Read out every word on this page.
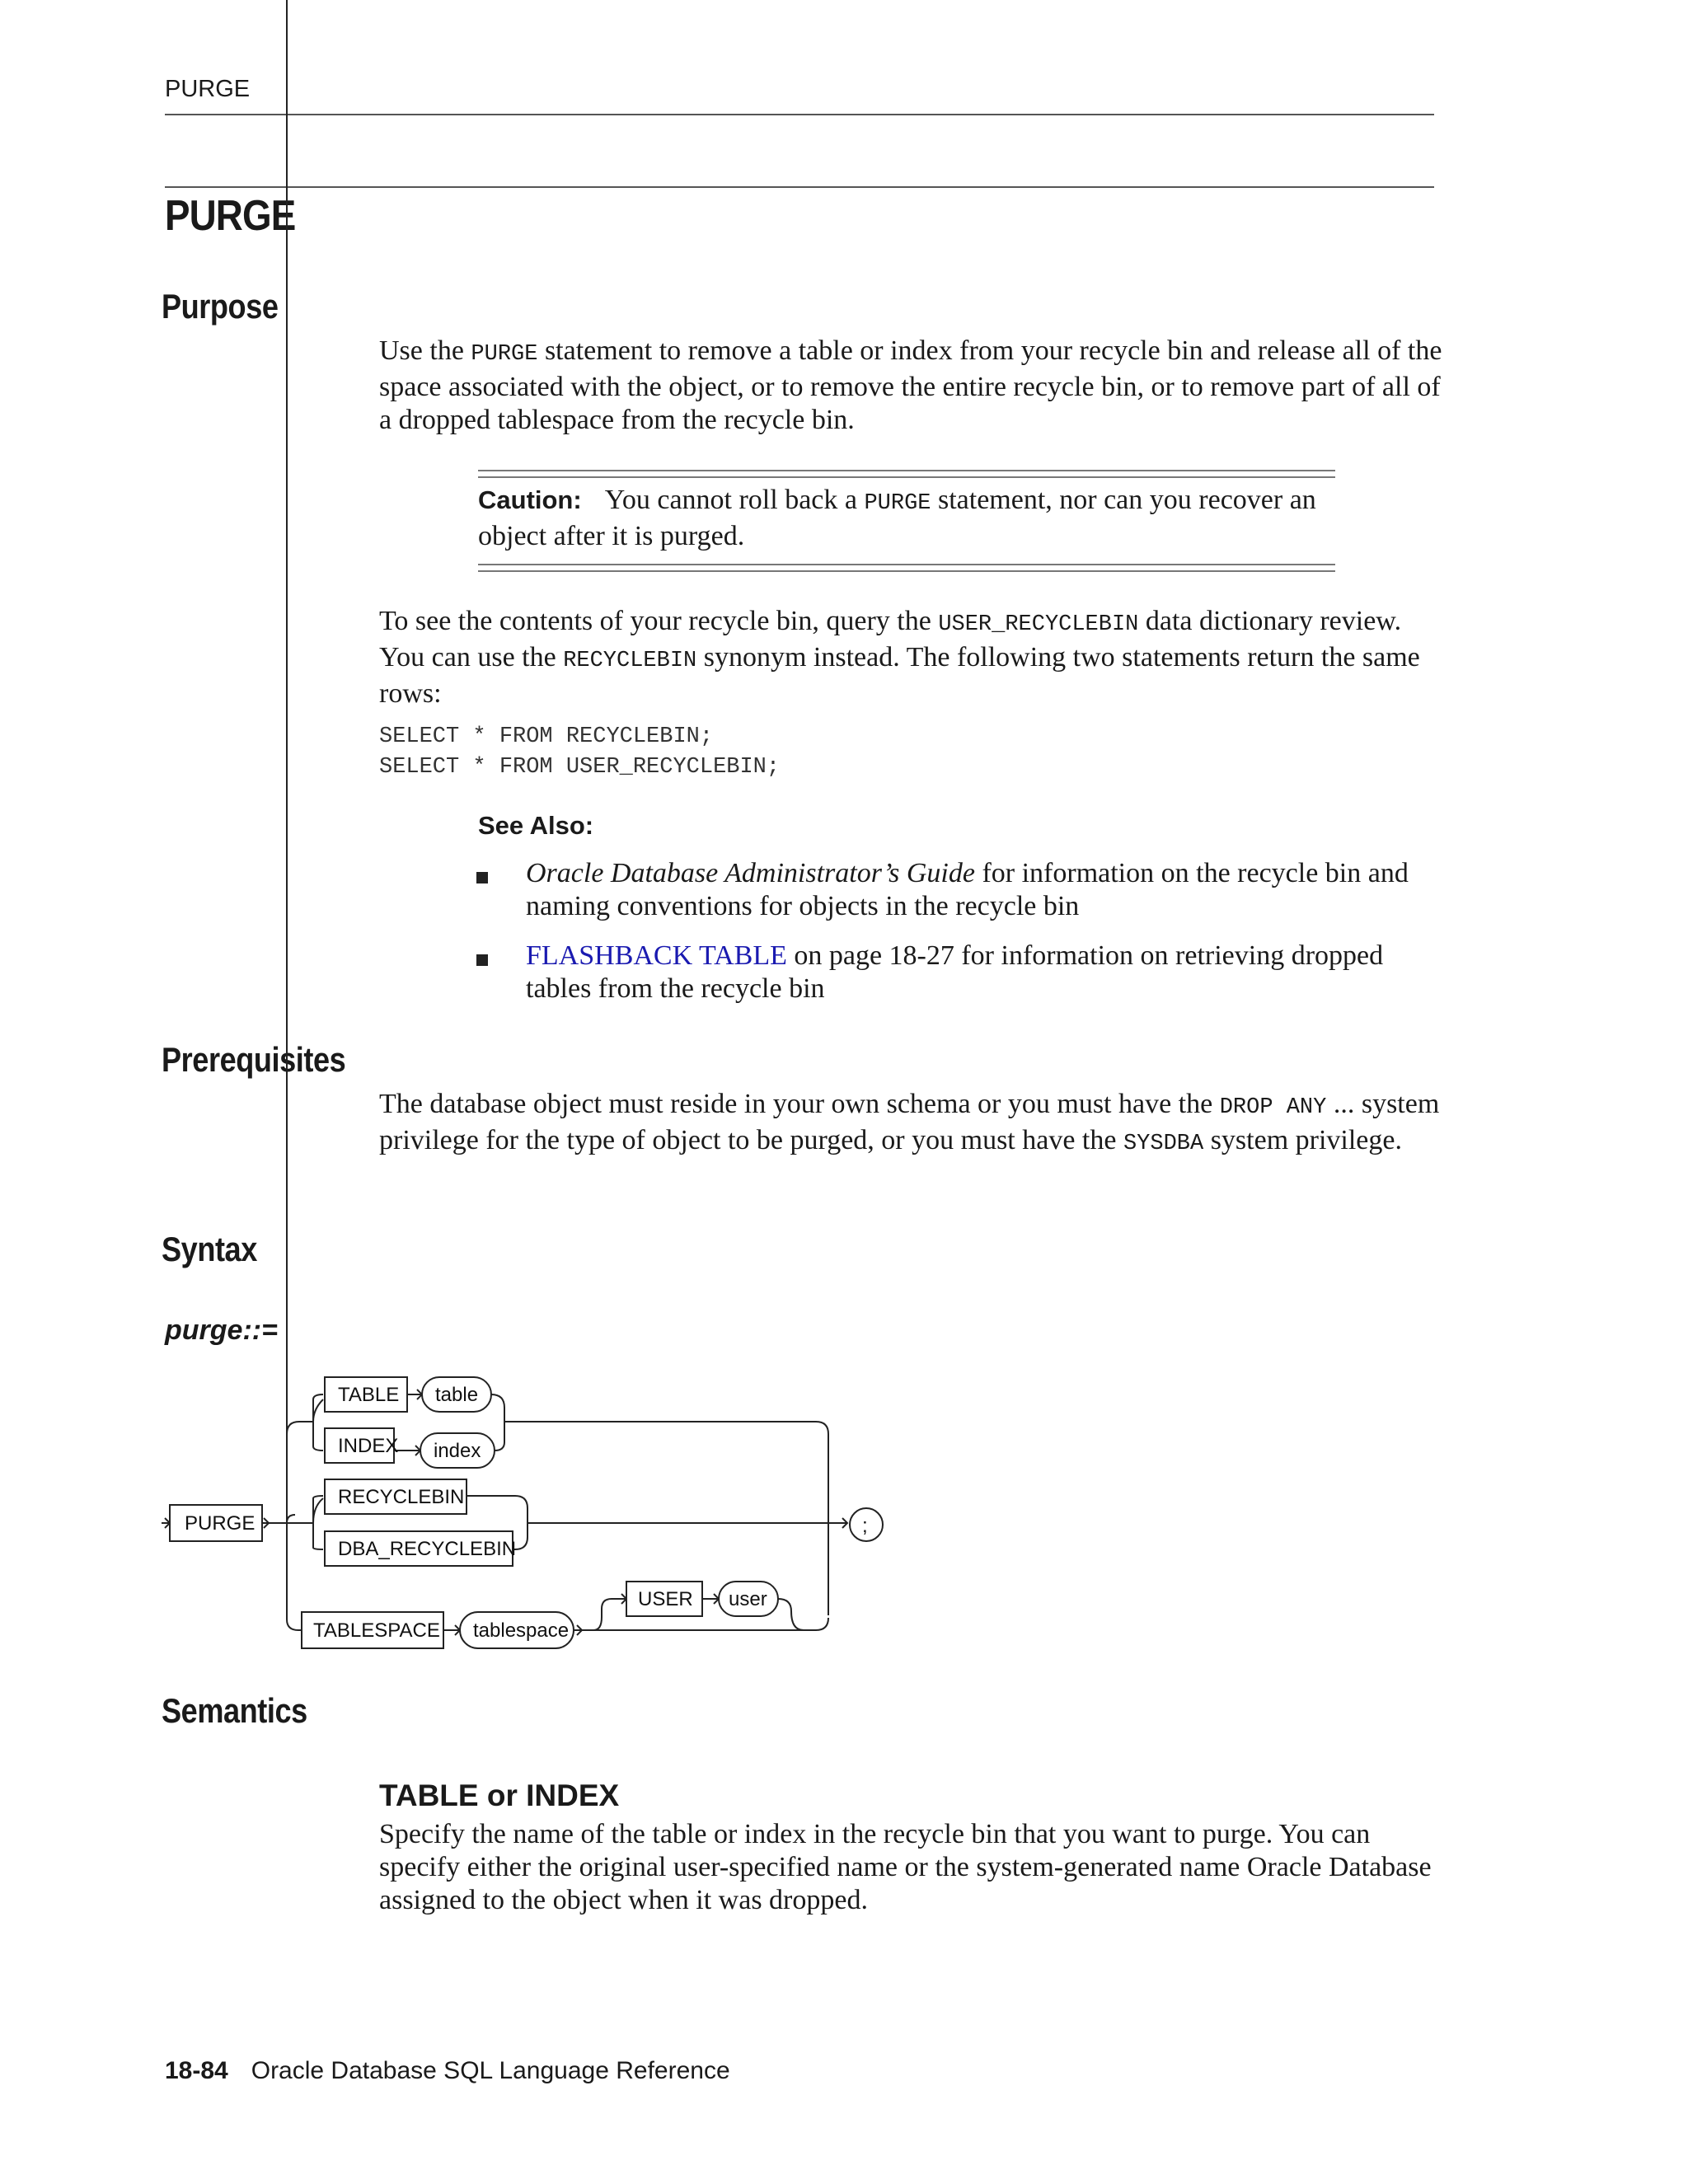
PURGE
PURGE
Purpose
Use the PURGE statement to remove a table or index from your recycle bin and release all of the space associated with the object, or to remove the entire recycle bin, or to remove part of all of a dropped tablespace from the recycle bin.
Caution: You cannot roll back a PURGE statement, nor can you recover an object after it is purged.
To see the contents of your recycle bin, query the USER_RECYCLEBIN data dictionary review. You can use the RECYCLEBIN synonym instead. The following two statements return the same rows:
SELECT * FROM RECYCLEBIN;
SELECT * FROM USER_RECYCLEBIN;
See Also:
Oracle Database Administrator’s Guide for information on the recycle bin and naming conventions for objects in the recycle bin
FLASHBACK TABLE on page 18-27 for information on retrieving dropped tables from the recycle bin
Prerequisites
The database object must reside in your own schema or you must have the DROP ANY ... system privilege for the type of object to be purged, or you must have the SYSDBA system privilege.
Syntax
purge::=
PURGE
TABLE table
INDEX index
RECYCLEBIN
DBA_RECYCLEBIN
TABLESPACE tablespace
USER user
;
Semantics
TABLE or INDEX
Specify the name of the table or index in the recycle bin that you want to purge. You can specify either the original user-specified name or the system-generated name Oracle Database assigned to the object when it was dropped.
18-84 Oracle Database SQL Language Reference
